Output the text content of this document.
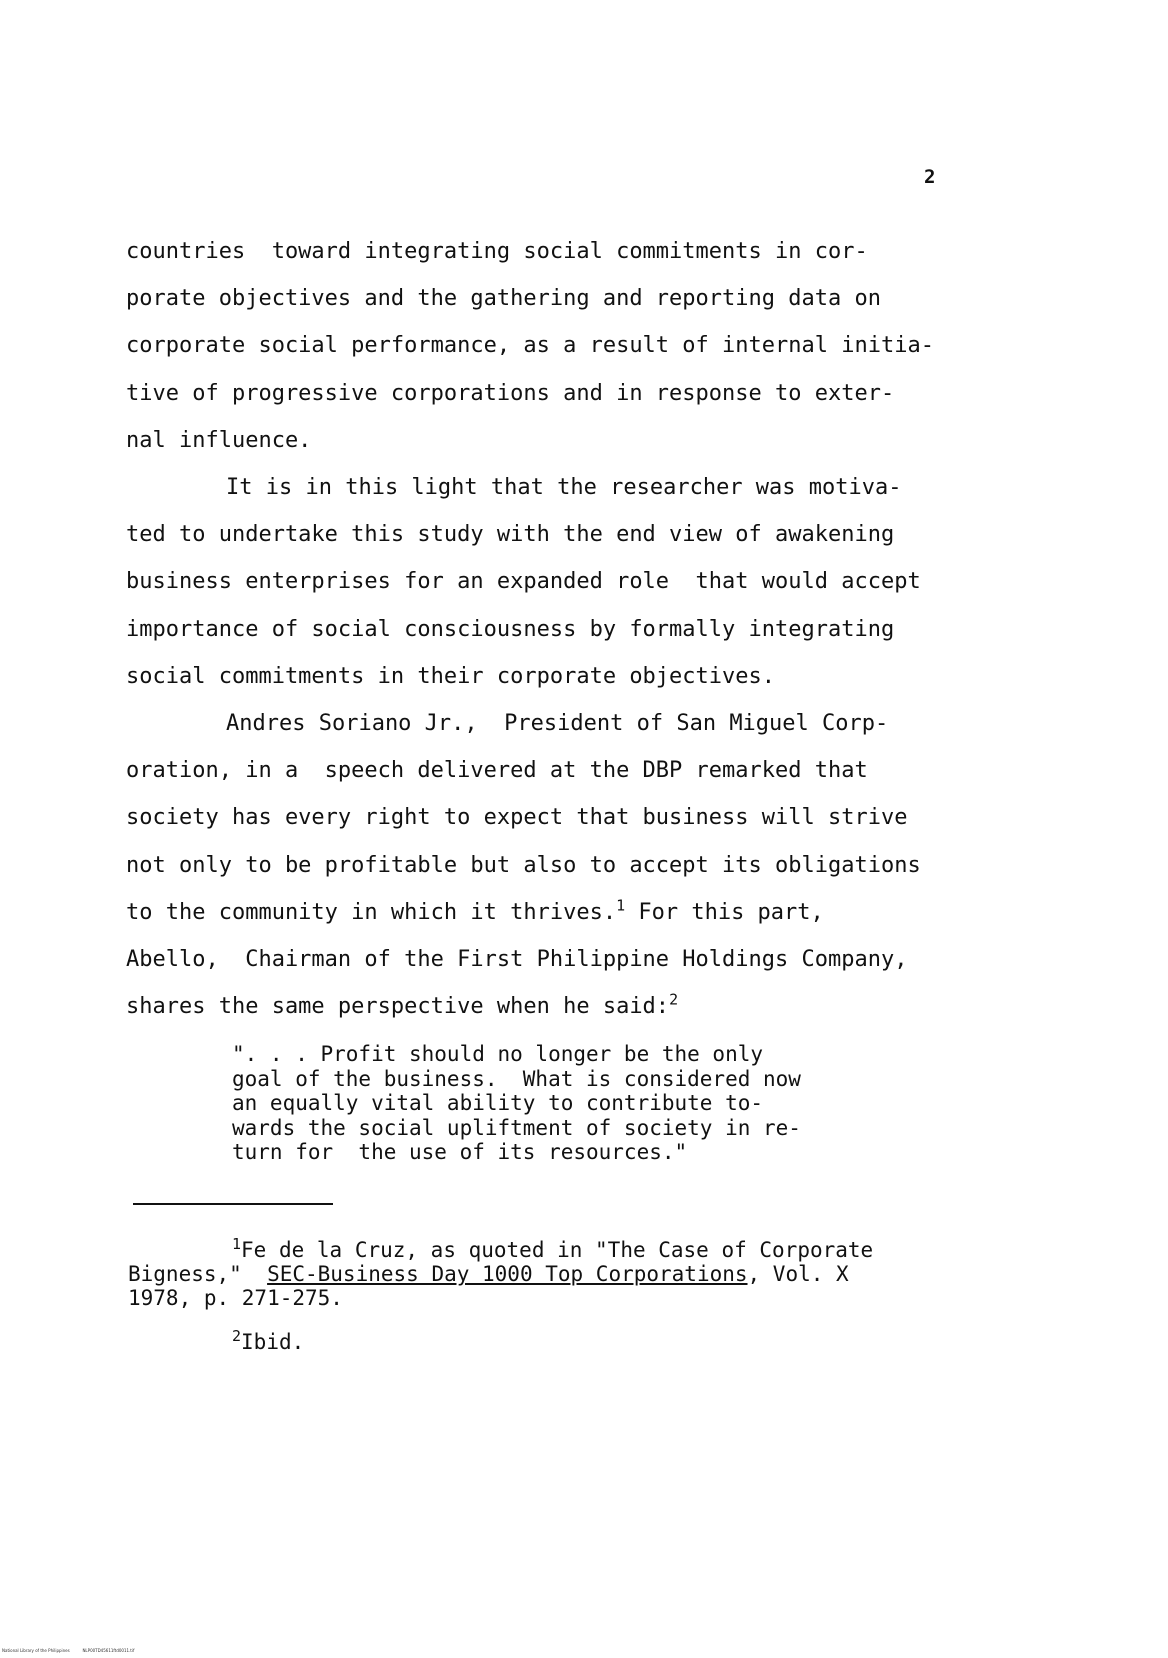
2
countries  toward integrating social commitments in cor-
porate objectives and the gathering and reporting data on
corporate social performance, as a result of internal initia-
tive of progressive corporations and in response to exter-
nal influence.
It is in this light that the researcher was motiva-
ted to undertake this study with the end view of awakening
business enterprises for an expanded role  that would accept
importance of social consciousness by formally integrating
social commitments in their corporate objectives.
Andres Soriano Jr.,  President of San Miguel Corp-
oration, in a  speech delivered at the DBP remarked that
society has every right to expect that business will strive
not only to be profitable but also to accept its obligations
to the community in which it thrives.$^1$ For this part,
Abello,  Chairman of the First Philippine Holdings Company,
shares the same perspective when he said:$^2$
". . . Profit should no longer be the only
goal of the business.  What is considered now
an equally vital ability to contribute to-
wards the social upliftment of society in re-
turn for  the use of its resources."
$^1$Fe de la Cruz, as quoted in "The Case of Corporate
Bigness,"  SEC-Business Day 1000 Top Corporations, Vol. X
1978, p. 271-275.
$^2$Ibid.
National Library of the Philippines	NLP00TD45611ftd0011.tif
